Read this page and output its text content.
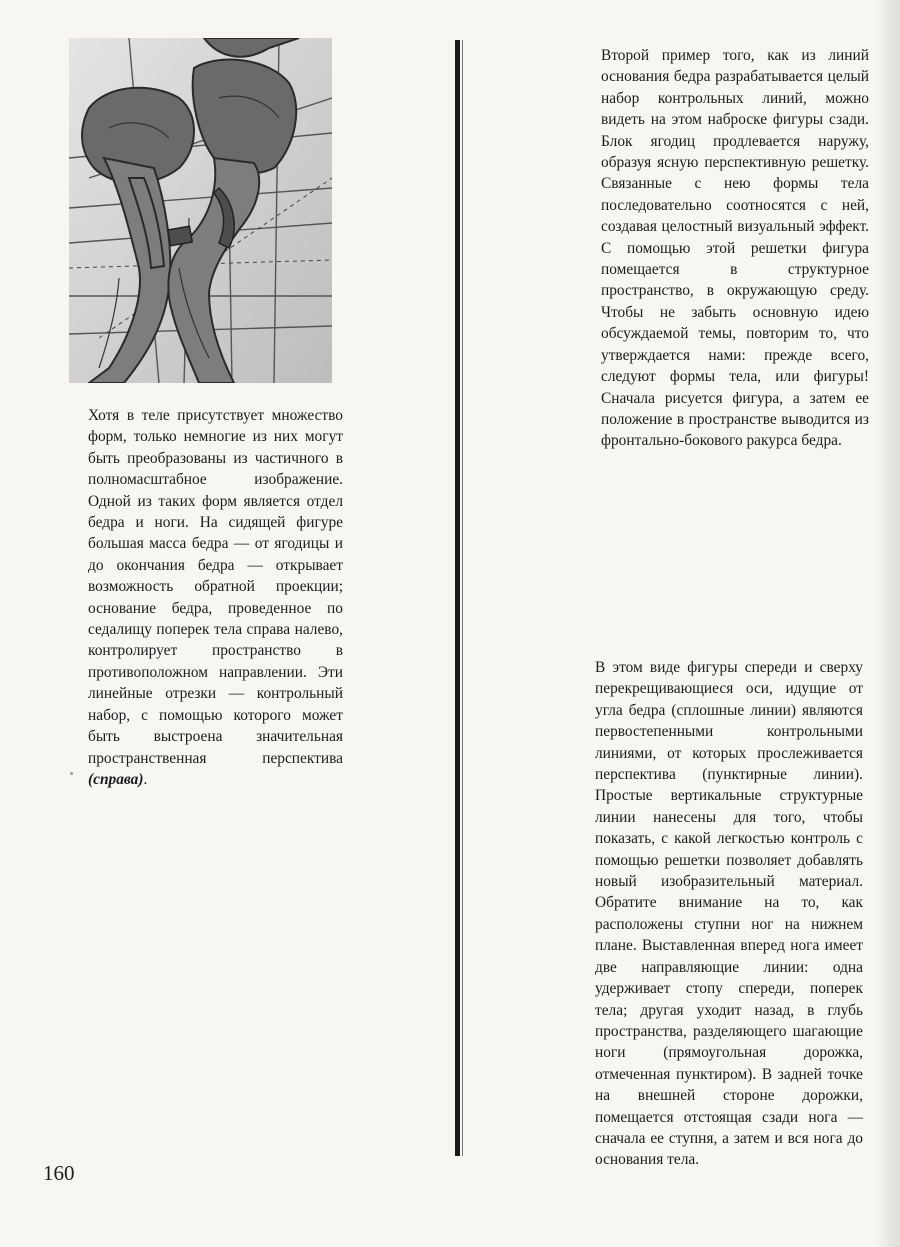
Хотя в теле присутствует множество форм, только немногие из них могут быть преобразованы из частичного в полномасштабное изображение. Одной из таких форм является отдел бедра и ноги. На сидящей фигуре большая масса бедра — от ягодицы и до окончания бедра — открывает возможность обратной проекции; основание бедра, проведенное по седалищу поперек тела справа налево, контролирует пространство в противоположном направлении. Эти линейные отрезки — контрольный набор, с помощью которого может быть выстроена значительная пространственная перспектива (справа).

Второй пример того, как из линий основания бедра разрабатывается целый набор контрольных линий, можно видеть на этом наброске фигуры сзади. Блок ягодиц продлевается наружу, образуя ясную перспективную решетку. Связанные с нею формы тела последовательно соотносятся с ней, создавая целостный визуальный эффект. С помощью этой решетки фигура помещается в структурное пространство, в окружающую среду. Чтобы не забыть основную идею обсуждаемой темы, повторим то, что утверждается нами: прежде всего, следуют формы тела, или фигуры! Сначала рисуется фигура, а затем ее положение в пространстве выводится из фронтально-бокового ракурса бедра.

В этом виде фигуры спереди и сверху перекрещивающиеся оси, идущие от угла бедра (сплошные линии) являются первостепенными контрольными линиями, от которых прослеживается перспектива (пунктирные линии). Простые вертикальные структурные линии нанесены для того, чтобы показать, с какой легкостью контроль с помощью решетки позволяет добавлять новый изобразительный материал. Обратите внимание на то, как расположены ступни ног на нижнем плане. Выставленная вперед нога имеет две направляющие линии: одна удерживает стопу спереди, поперек тела; другая уходит назад, в глубь пространства, разделяющего шагающие ноги (прямоугольная дорожка, отмеченная пунктиром). В задней точке на внешней стороне дорожки, помещается отстоящая сзади нога — сначала ее ступня, а затем и вся нога до основания тела.

160
